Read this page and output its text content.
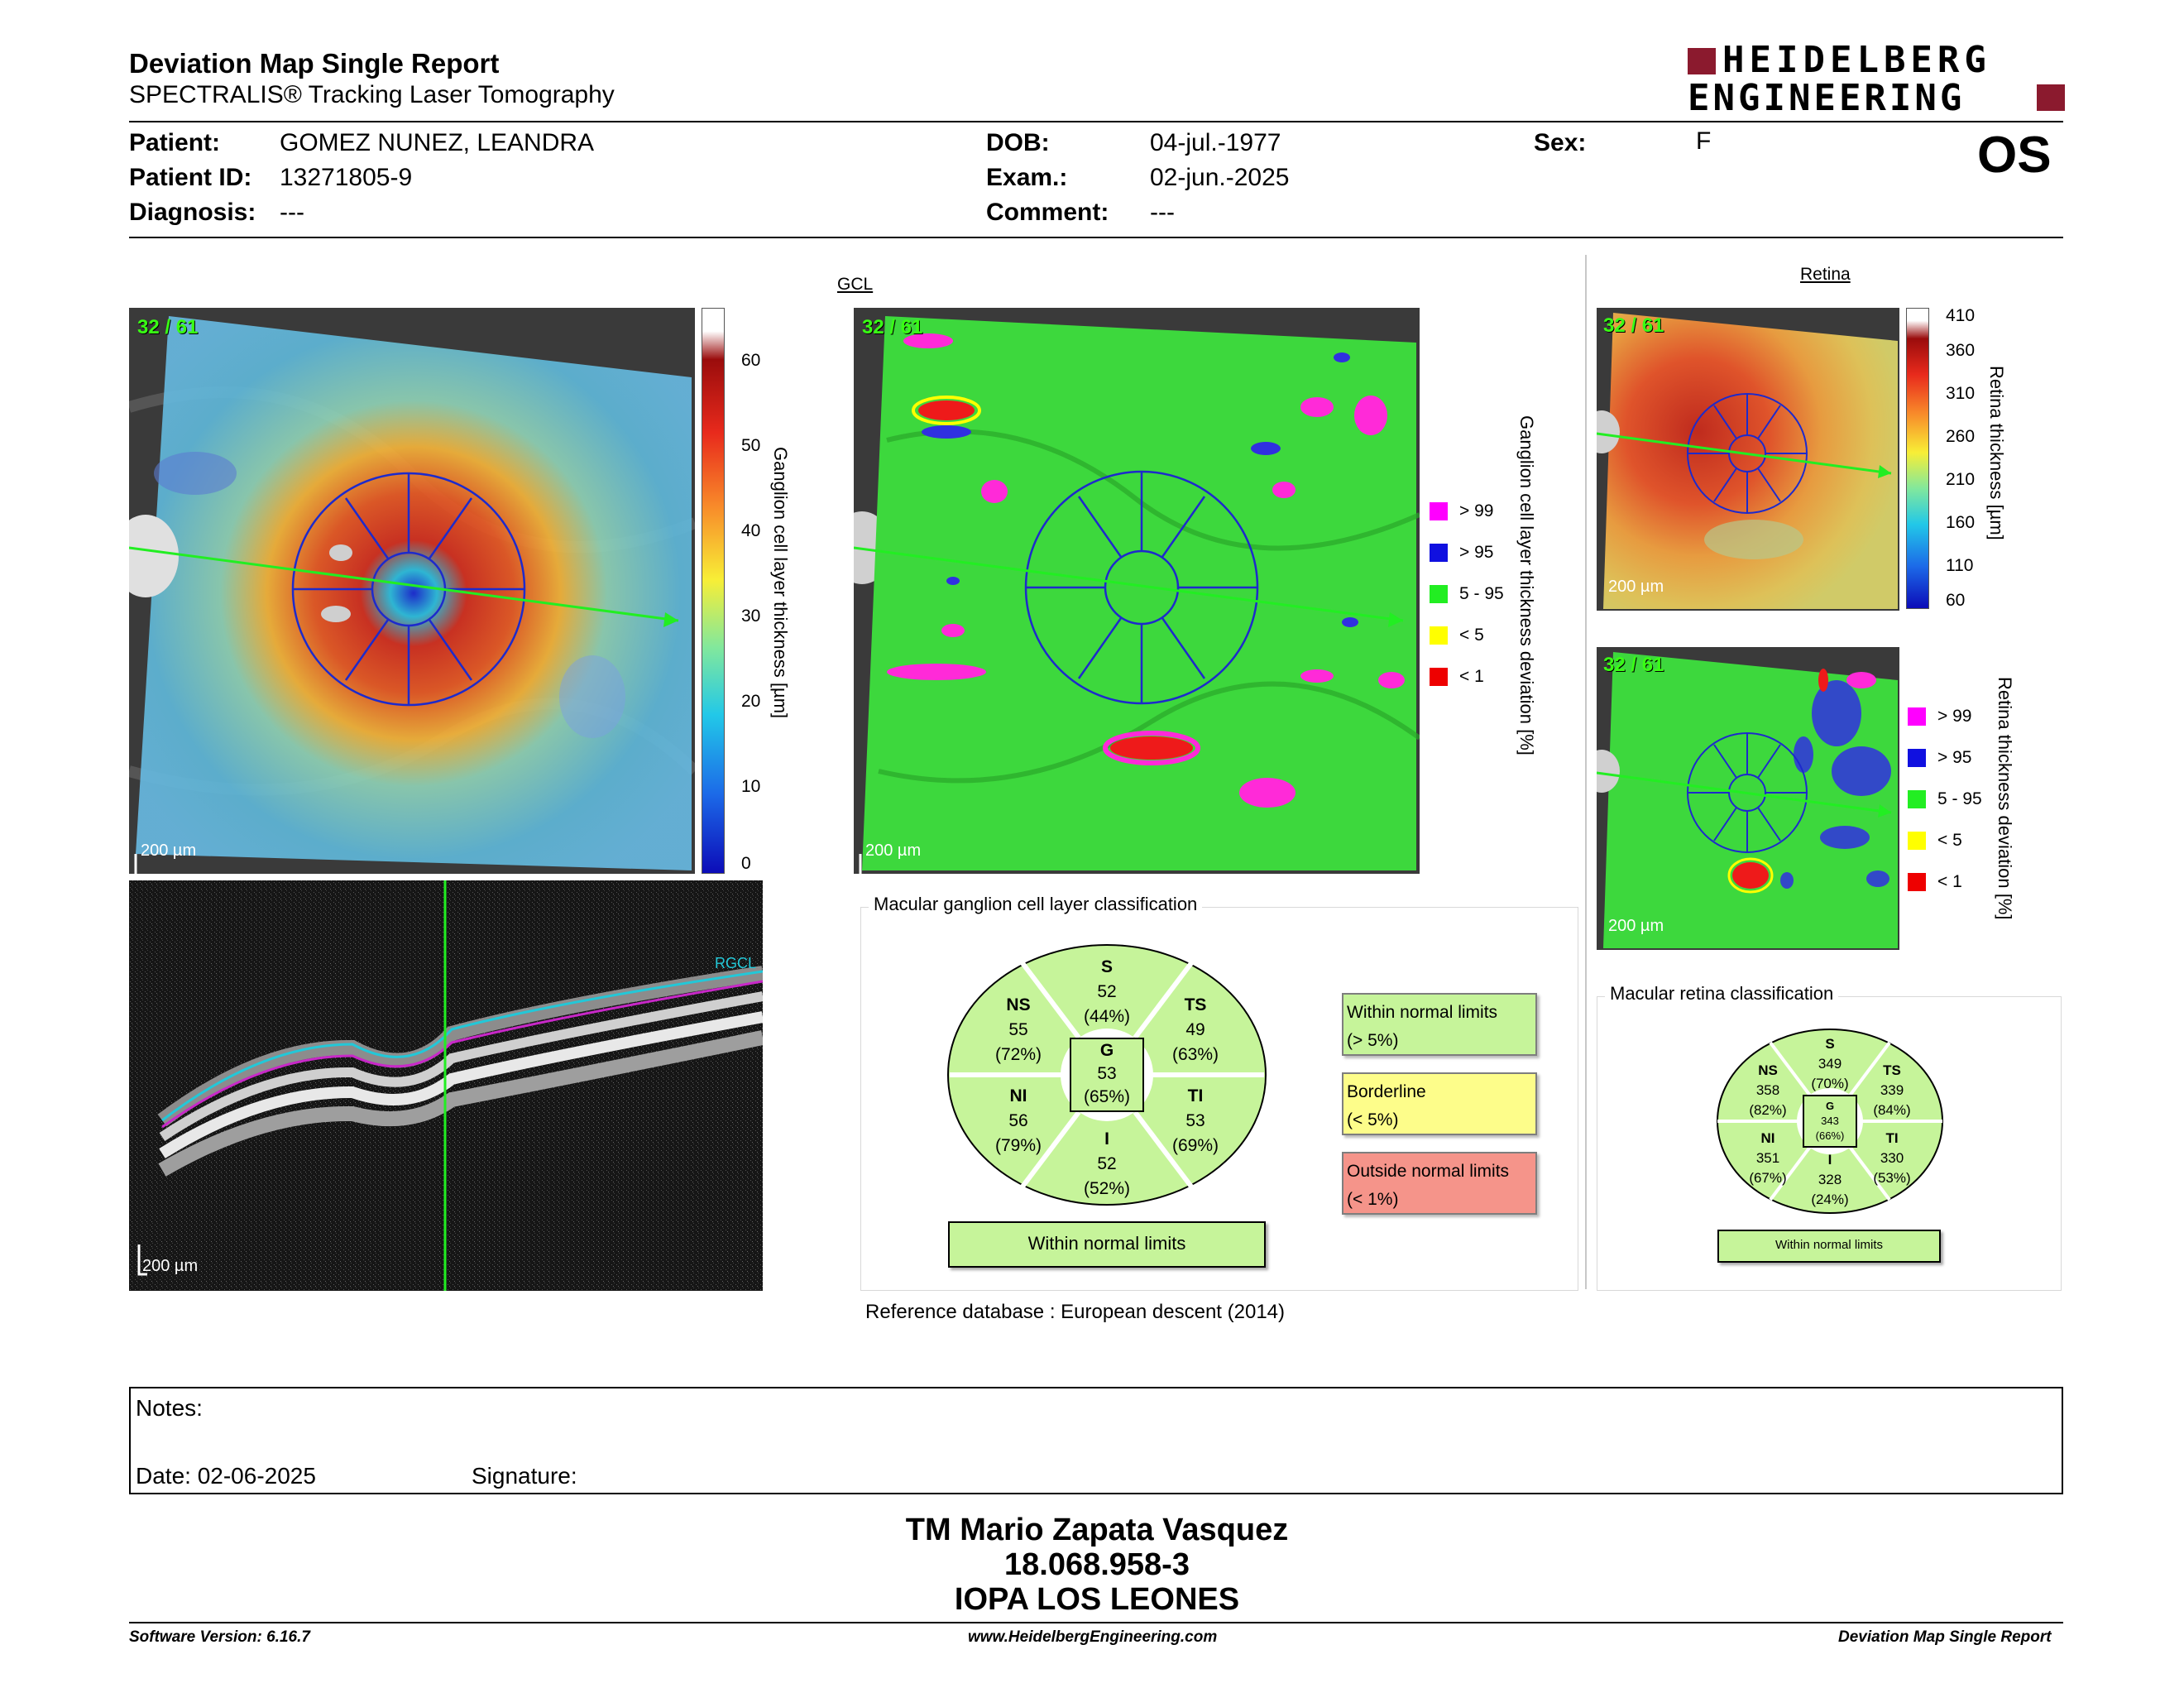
Deviation Map Single Report
SPECTRALIS® Tracking Laser Tomography
HEIDELBERG
ENGINEERING
Patient: GOMEZ NUNEZ, LEANDRA
Patient ID: 13271805-9
Diagnosis: ---
DOB:	04-jul.-1977
Exam.:	02-jun.-2025
Comment: ---
Sex:	F	OS
32 / 61
200 µm
60
50
40
30
20
10
0
Ganglion cell layer thickness [µm]
RGCL
200 µm
GCL
32 / 61
200 µm
> 99
> 95
5 - 95
< 5
< 1 Ganglion cell layer thickness deviation [%]
Retina
32 / 61
200 µm
410
360
310
260
210
160
110
60
Retina thickness [µm]
32 / 61
200 µm
> 99
> 95
5 - 95
< 5
< 1 Retina thickness deviation [%]
Macular ganglion cell layer classification
S
52
(44%)
NS
55
(72%)
TS
49
(63%)
G
53
(65%)
NI
56
(79%)
TI
53
(69%)
I
52
(52%)
Within normal limits
Within normal limits
(> 5%)
Borderline
(< 5%)
Outside normal limits
(< 1%)
Macular retina classification
S
349
(70%)
NS
358
(82%)
TS
339
(84%)
G
343
(66%)
NI
351
(67%)
TI
330
(53%)
I
328
(24%)
Within normal limits
Reference database : European descent (2014)
Notes:
Date: 02-06-2025	Signature:
TM Mario Zapata Vasquez
18.068.958-3
IOPA LOS LEONES
Software Version: 6.16.7	www.HeidelbergEngineering.com	Deviation Map Single Report
